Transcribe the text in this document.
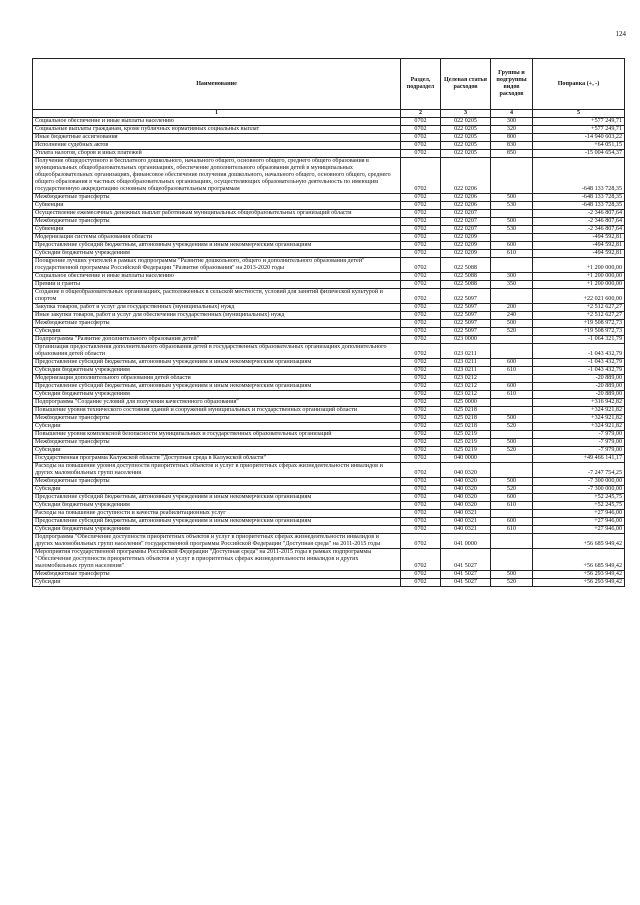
124
Наименование	Раздел, подраздел	Целевая статья расходов	Группы и подгруппы видов расходов	Поправка (+, -)
1	2	3	4	5
Социальное обеспечение и иные выплаты населению	0702	022 0205	300	+577 249,71
Социальные выплаты гражданам, кроме публичных нормативных социальных выплат	0702	022 0205	320	+577 249,71
Иные бюджетные ассигнования	0702	022 0205	800	-14 940 603,22
Исполнение судебных актов	0702	022 0205	830	+64 051,15
Уплата налогов, сборов и иных платежей	0702	022 0205	850	-15 004 654,37
Получение общедоступного и бесплатного дошкольного, начального общего, основного общего, среднего общего образования в муниципальных общеобразовательных организациях, обеспечение дополнительного образования детей в муниципальных общеобразовательных организациях, финансовое обеспечение получения дошкольного, начального общего, основного общего, среднего общего образования в частных общеобразовательных организациях, осуществляющих образовательную деятельность по имеющим государственную аккредитацию основным общеобразовательным программам	0702	022 0206		-648 133 728,35
Межбюджетные трансферты	0702	022 0206	500	-648 133 728,35
Субвенции	0702	022 0206	530	-648 133 728,35
Осуществление ежемесячных денежных выплат работникам муниципальных общеобразовательных организаций области	0702	022 0207		-2 346 807,64
Межбюджетные трансферты	0702	022 0207	500	-2 346 807,64
Субвенции	0702	022 0207	530	-2 346 807,64
Модернизация системы образования области	0702	022 0209		-494 592,81
Предоставление субсидий бюджетным, автономным учреждениям и иным некоммерческим организациям	0702	022 0209	600	-494 592,81
Субсидии бюджетным учреждениям	0702	022 0209	610	-494 592,81
Поощрение лучших учителей в рамках подпрограммы "Развитие дошкольного, общего и дополнительного образования детей" государственной программы Российской Федерации "Развитие образования" на 2013-2020 годы	0702	022 5088		+1 200 000,00
Социальное обеспечение и иные выплаты населению	0702	022 5088	300	+1 200 000,00
Премии и гранты	0702	022 5088	350	+1 200 000,00
Создание в общеобразовательных организациях, расположенных в сельской местности, условий для занятий физической культурой и спортом	0702	022 5097		+22 021 600,00
Закупка товаров, работ и услуг для государственных (муниципальных) нужд	0702	022 5097	200	+2 512 627,27
Иные закупки товаров, работ и услуг для обеспечения государственных (муниципальных) нужд	0702	022 5097	240	+2 512 627,27
Межбюджетные трансферты	0702	022 5097	500	+19 508 972,73
Субсидии	0702	022 5097	520	+19 508 972,73
Подпрограмма "Развитие дополнительного образования детей"	0702	023 0000		-1 064 321,79
Организация предоставления дополнительного образования детей в государственных образовательных организациях дополнительного образования детей области	0702	023 0211		-1 043 432,79
Предоставление субсидий бюджетным, автономным учреждениям и иным некоммерческим организациям	0702	023 0211	600	-1 043 432,79
Субсидии бюджетным учреждениям	0702	023 0211	610	-1 043 432,79
Модернизация дополнительного образования детей области	0702	023 0212		-20 889,00
Предоставление субсидий бюджетным, автономным учреждениям и иным некоммерческим организациям	0702	023 0212	600	-20 889,00
Субсидии бюджетным учреждениям	0702	023 0212	610	-20 889,00
Подпрограмма "Создание условий для получения качественного образования"	0702	025 0000		+316 942,82
Повышение уровня технического состояния зданий и сооружений муниципальных и государственных организаций области	0702	025 0218		+324 921,82
Межбюджетные трансферты	0702	025 0218	500	+324 921,82
Субсидии	0702	025 0218	520	+324 921,82
Повышение уровня комплексной безопасности муниципальных и государственных образовательных организаций	0702	025 0219		-7 979,00
Межбюджетные трансферты	0702	025 0219	500	-7 979,00
Субсидии	0702	025 0219	520	-7 979,00
Государственная программа Калужской области "Доступная среда в Калужской области"	0702	040 0000		+49 466 141,17
Расходы на повышение уровня доступности приоритетных объектов и услуг в приоритетных сферах жизнедеятельности инвалидов и других маломобильных групп населения	0702	040 0320		-7 247 754,25
Межбюджетные трансферты	0702	040 0320	500	-7 300 000,00
Субсидии	0702	040 0320	520	-7 300 000,00
Предоставление субсидий бюджетным, автономным учреждениям и иным некоммерческим организациям	0702	040 0320	600	+52 245,75
Субсидии бюджетным учреждениям	0702	040 0320	610	+52 245,75
Расходы на повышение доступности и качества реабилитационных услуг	0702	040 0321		+27 946,00
Предоставление субсидий бюджетным, автономным учреждениям и иным некоммерческим организациям	0702	040 0321	600	+27 946,00
Субсидии бюджетным учреждениям	0702	040 0321	610	+27 946,00
Подпрограмма "Обеспечение доступности приоритетных объектов и услуг в приоритетных сферах жизнедеятельности инвалидов и других маломобильных групп населения" государственной программы Российской Федерации "Доступная среда" на 2011-2015 годы	0702	041 0000		+56 685 949,42
Мероприятия государственной программы Российской Федерации "Доступная среда" на 2011-2015 годы в рамках подпрограммы "Обеспечение доступности приоритетных объектов и услуг в приоритетных сферах жизнедеятельности инвалидов и других маломобильных групп населения"	0702	041 5027		+56 685 949,42
Межбюджетные трансферты	0702	041 5027	500	+56 293 949,42
Субсидии	0702	041 5027	520	+56 293 949,42
